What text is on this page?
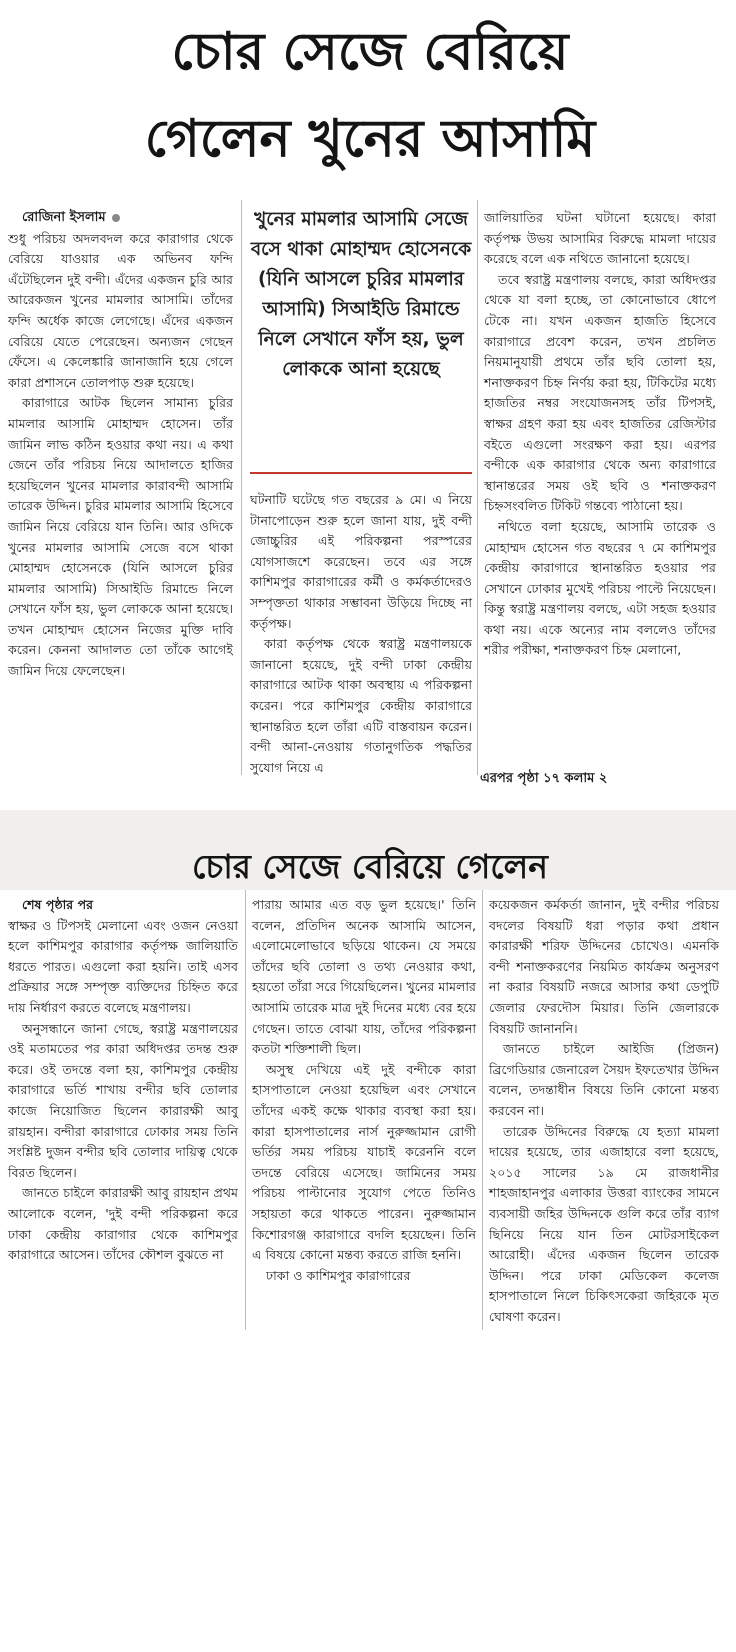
চোর সেজে বেরিয়ে
গেলেন খুনের আসামি

রোজিনা ইসলাম

শুধু পরিচয় অদলবদল করে কারাগার থেকে বেরিয়ে যাওয়ার এক অভিনব ফন্দি এঁটেছিলেন দুই বন্দী। এঁদের একজন চুরি আর আরেকজন খুনের মামলার আসামি। তাঁদের ফন্দি অর্ধেক কাজে লেগেছে। এঁদের একজন বেরিয়ে যেতে পেরেছেন। অন্যজন গেছেন ফেঁসে। এ কেলেঙ্কারি জানাজানি হয়ে গেলে কারা প্রশাসনে তোলপাড় শুরু হয়েছে।

কারাগারে আটক ছিলেন সামান্য চুরির মামলার আসামি মোহাম্মদ হোসেন। তাঁর জামিন লাভ কঠিন হওয়ার কথা নয়। এ কথা জেনে তাঁর পরিচয় নিয়ে আদালতে হাজির হয়েছিলেন খুনের মামলার কারাবন্দী আসামি তারেক উদ্দিন। চুরির মামলার আসামি হিসেবে জামিন নিয়ে বেরিয়ে যান তিনি। আর ওদিকে খুনের মামলার আসামি সেজে বসে থাকা মোহাম্মদ হোসেনকে (যিনি আসলে চুরির মামলার আসামি) সিআইডি রিমান্ডে নিলে সেখানে ফাঁস হয়, ভুল লোককে আনা হয়েছে। তখন মোহাম্মদ হোসেন নিজের মুক্তি দাবি করেন। কেননা আদালত তো তাঁকে আগেই জামিন দিয়ে ফেলেছেন।

খুনের মামলার আসামি সেজে বসে থাকা মোহাম্মদ হোসেনকে (যিনি আসলে চুরির মামলার আসামি) সিআইডি রিমান্ডে নিলে সেখানে ফাঁস হয়, ভুল লোককে আনা হয়েছে

ঘটনাটি ঘটেছে গত বছরের ৯ মে। এ নিয়ে টানাপোড়েন শুরু হলে জানা যায়, দুই বন্দী জোচ্চুরির এই পরিকল্পনা পরস্পরের যোগসাজশে করেছেন। তবে এর সঙ্গে কাশিমপুর কারাগারের কর্মী ও কর্মকর্তাদেরও সম্পৃক্ততা থাকার সম্ভাবনা উড়িয়ে দিচ্ছে না কর্তৃপক্ষ।

কারা কর্তৃপক্ষ থেকে স্বরাষ্ট্র মন্ত্রণালয়কে জানানো হয়েছে, দুই বন্দী ঢাকা কেন্দ্রীয় কারাগারে আটক থাকা অবস্থায় এ পরিকল্পনা করেন। পরে কাশিমপুর কেন্দ্রীয় কারাগারে স্থানান্তরিত হলে তাঁরা এটি বাস্তবায়ন করেন। বন্দী আনা-নেওয়ায় গতানুগতিক পদ্ধতির সুযোগ নিয়ে এ

জালিয়াতির ঘটনা ঘটানো হয়েছে। কারা কর্তৃপক্ষ উভয় আসামির বিরুদ্ধে মামলা দায়ের করেছে বলে এক নথিতে জানানো হয়েছে।

তবে স্বরাষ্ট্র মন্ত্রণালয় বলছে, কারা অধিদপ্তর থেকে যা বলা হচ্ছে, তা কোনোভাবে ধোপে টেকে না। যখন একজন হাজতি হিসেবে কারাগারে প্রবেশ করেন, তখন প্রচলিত নিয়মানুযায়ী প্রথমে তাঁর ছবি তোলা হয়, শনাক্তকরণ চিহ্ন নির্ণয় করা হয়, টিকিটের মধ্যে হাজতির নম্বর সংযোজনসহ তাঁর টিপসই, স্বাক্ষর গ্রহণ করা হয় এবং হাজতির রেজিস্টার বইতে এগুলো সংরক্ষণ করা হয়। এরপর বন্দীকে এক কারাগার থেকে অন্য কারাগারে স্থানান্তরের সময় ওই ছবি ও শনাক্তকরণ চিহ্নসংবলিত টিকিট গন্তব্যে পাঠানো হয়।

নথিতে বলা হয়েছে, আসামি তারেক ও মোহাম্মদ হোসেন গত বছরের ৭ মে কাশিমপুর কেন্দ্রীয় কারাগারে স্থানান্তরিত হওয়ার পর সেখানে ঢোকার মুখেই পরিচয় পাল্টে নিয়েছেন। কিন্তু স্বরাষ্ট্র মন্ত্রণালয় বলছে, এটা সহজ হওয়ার কথা নয়। একে অন্যের নাম বললেও তাঁদের শরীর পরীক্ষা, শনাক্তকরণ চিহ্ন মেলানো,

এরপর পৃষ্ঠা ১৭ কলাম ২
চোর সেজে বেরিয়ে গেলেন

শেষ পৃষ্ঠার পর

স্বাক্ষর ও টিপসই মেলানো এবং ওজন নেওয়া হলে কাশিমপুর কারাগার কর্তৃপক্ষ জালিয়াতি ধরতে পারত। এগুলো করা হয়নি। তাই এসব প্রক্রিয়ার সঙ্গে সম্পৃক্ত ব্যক্তিদের চিহ্নিত করে দায় নির্ধারণ করতে বলেছে মন্ত্রণালয়।

অনুসন্ধানে জানা গেছে, স্বরাষ্ট্র মন্ত্রণালয়ের ওই মতামতের পর কারা অধিদপ্তর তদন্ত শুরু করে। ওই তদন্তে বলা হয়, কাশিমপুর কেন্দ্রীয় কারাগারে ভর্তি শাখায় বন্দীর ছবি তোলার কাজে নিয়োজিত ছিলেন কারারক্ষী আবু রায়হান। বন্দীরা কারাগারে ঢোকার সময় তিনি সংশ্লিষ্ট দুজন বন্দীর ছবি তোলার দায়িত্ব থেকে বিরত ছিলেন।

জানতে চাইলে কারারক্ষী আবু রায়হান প্রথম আলোকে বলেন, 'দুই বন্দী পরিকল্পনা করে ঢাকা কেন্দ্রীয় কারাগার থেকে কাশিমপুর কারাগারে আসেন। তাঁদের কৌশল বুঝতে না

পারায় আমার এত বড় ভুল হয়েছে।' তিনি বলেন, প্রতিদিন অনেক আসামি আসেন, এলোমেলোভাবে ছড়িয়ে থাকেন। যে সময়ে তাঁদের ছবি তোলা ও তথ্য নেওয়ার কথা, হয়তো তাঁরা সরে গিয়েছিলেন। খুনের মামলার আসামি তারেক মাত্র দুই দিনের মধ্যে বের হয়ে গেছেন। তাতে বোঝা যায়, তাঁদের পরিকল্পনা কতটা শক্তিশালী ছিল।

অসুস্থ দেখিয়ে এই দুই বন্দীকে কারা হাসপাতালে নেওয়া হয়েছিল এবং সেখানে তাঁদের একই কক্ষে থাকার ব্যবস্থা করা হয়। কারা হাসপাতালের নার্স নুরুজ্জামান রোগী ভর্তির সময় পরিচয় যাচাই করেননি বলে তদন্তে বেরিয়ে এসেছে। জামিনের সময় পরিচয় পাল্টানোর সুযোগ পেতে তিনিও সহায়তা করে থাকতে পারেন। নুরুজ্জামান কিশোরগঞ্জ কারাগারে বদলি হয়েছেন। তিনি এ বিষয়ে কোনো মন্তব্য করতে রাজি হননি।

ঢাকা ও কাশিমপুর কারাগারের

কয়েকজন কর্মকর্তা জানান, দুই বন্দীর পরিচয় বদলের বিষয়টি ধরা পড়ার কথা প্রধান কারারক্ষী শরিফ উদ্দিনের চোখেও। এমনকি বন্দী শনাক্তকরণের নিয়মিত কার্যক্রম অনুসরণ না করার বিষয়টি নজরে আসার কথা ডেপুটি জেলার ফেরদৌস মিয়ার। তিনি জেলারকে বিষয়টি জানাননি।

জানতে চাইলে আইজি (প্রিজন) ব্রিগেডিয়ার জেনারেল সৈয়দ ইফতেখার উদ্দিন বলেন, তদন্তাধীন বিষয়ে তিনি কোনো মন্তব্য করবেন না।

তারেক উদ্দিনের বিরুদ্ধে যে হত্যা মামলা দায়ের হয়েছে, তার এজাহারে বলা হয়েছে, ২০১৫ সালের ১৯ মে রাজধানীর শাহজাহানপুর এলাকার উত্তরা ব্যাংকের সামনে ব্যবসায়ী জহির উদ্দিনকে গুলি করে তাঁর ব্যাগ ছিনিয়ে নিয়ে যান তিন মোটরসাইকেল আরোহী। এঁদের একজন ছিলেন তারেক উদ্দিন। পরে ঢাকা মেডিকেল কলেজ হাসপাতালে নিলে চিকিৎসকেরা জহিরকে মৃত ঘোষণা করেন।
